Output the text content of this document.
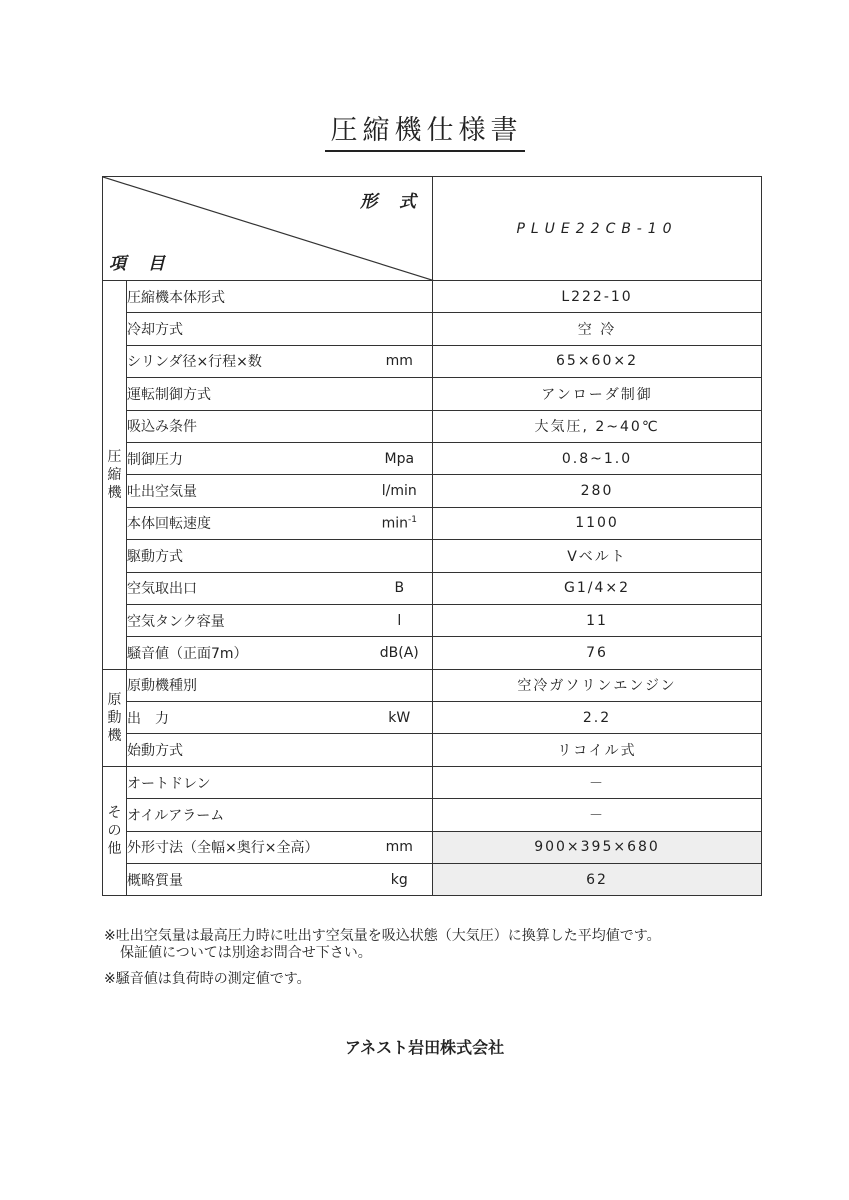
圧縮機仕様書
形 式
項 目			PLUE22CB-10
圧縮機	圧縮機本体形式		L222-10
	冷却方式		空 冷
	シリンダ径×行程×数	mm	65×60×2
	運転制御方式		アンローダ制御
	吸込み条件		大気圧, 2~40℃
	制御圧力	Mpa	0.8~1.0
	吐出空気量	l/min	280
	本体回転速度	$\min^{-1}$	1100
	駆動方式		Vベルト
	空気取出口	B	G1/4×2
	空気タンク容量	l	11
	騒音値（正面7m）	dB(A)	76
原動機	原動機種別		空冷ガソリンエンジン
	出　力	kW	2.2
	始動方式		リコイル式
その他	オートドレン		－
	オイルアラーム		－
	外形寸法（全幅×奥行×全高）	mm	900×395×680
	概略質量	kg	62
※吐出空気量は最高圧力時に吐出す空気量を吸込状態（大気圧）に換算した平均値です。
保証値については別途お問合せ下さい。
※騒音値は負荷時の測定値です。
アネスト岩田株式会社
